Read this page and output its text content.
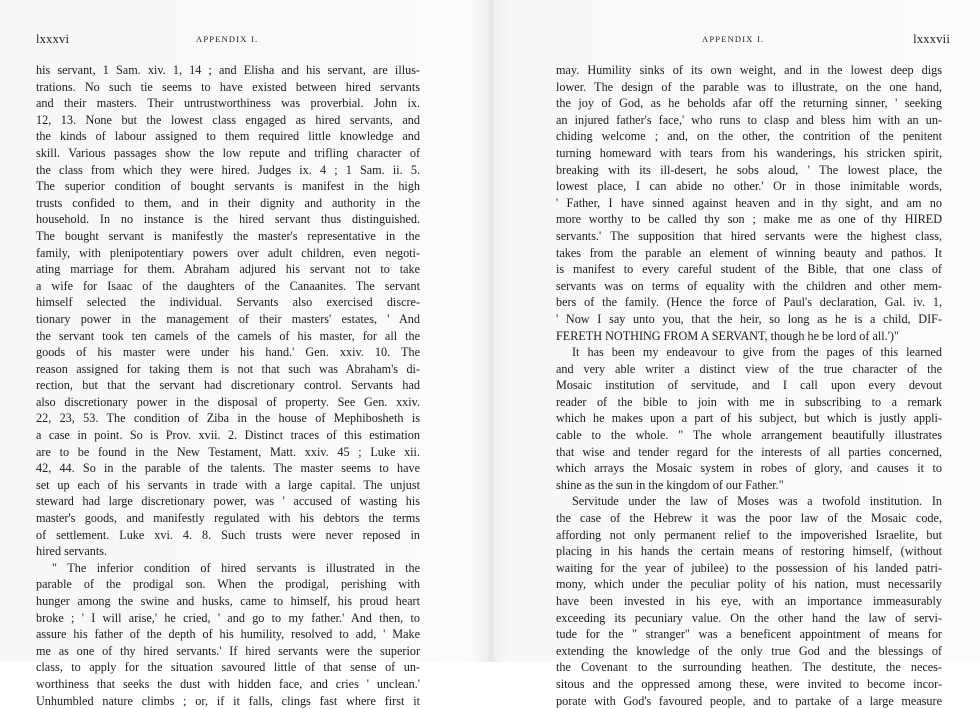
lxxxvi	APPENDIX I.
his servant, 1 Sam. xiv. 1, 14 ; and Elisha and his servant, are illus-
trations. No such tie seems to have existed between hired servants
and their masters. Their untrustworthiness was proverbial. John ix.
12, 13. None but the lowest class engaged as hired servants, and
the kinds of labour assigned to them required little knowledge and
skill. Various passages show the low repute and trifling character of
the class from which they were hired. Judges ix. 4 ; 1 Sam. ii. 5.
The superior condition of bought servants is manifest in the high
trusts confided to them, and in their dignity and authority in the
household. In no instance is the hired servant thus distinguished.
The bought servant is manifestly the master's representative in the
family, with plenipotentiary powers over adult children, even negoti-
ating marriage for them. Abraham adjured his servant not to take
a wife for Isaac of the daughters of the Canaanites. The servant
himself selected the individual. Servants also exercised discre-
tionary power in the management of their masters' estates, ' And
the servant took ten camels of the camels of his master, for all the
goods of his master were under his hand.' Gen. xxiv. 10. The
reason assigned for taking them is not that such was Abraham's di-
rection, but that the servant had discretionary control. Servants had
also discretionary power in the disposal of property. See Gen. xxiv.
22, 23, 53. The condition of Ziba in the house of Mephibosheth is
a case in point. So is Prov. xvii. 2. Distinct traces of this estimation
are to be found in the New Testament, Matt. xxiv. 45 ; Luke xii.
42, 44. So in the parable of the talents. The master seems to have
set up each of his servants in trade with a large capital. The unjust
steward had large discretionary power, was ' accused of wasting his
master's goods, and manifestly regulated with his debtors the terms
of settlement. Luke xvi. 4. 8. Such trusts were never reposed in
hired servants.
" The inferior condition of hired servants is illustrated in the
parable of the prodigal son. When the prodigal, perishing with
hunger among the swine and husks, came to himself, his proud heart
broke ; ' I will arise,' he cried, ' and go to my father.' And then, to
assure his father of the depth of his humility, resolved to add, ' Make
me as one of thy hired servants.' If hired servants were the superior
class, to apply for the situation savoured little of that sense of un-
worthiness that seeks the dust with hidden face, and cries ' unclean.'
Unhumbled nature climbs ; or, if it falls, clings fast where first it
APPENDIX I.	lxxxvii
may. Humility sinks of its own weight, and in the lowest deep digs
lower. The design of the parable was to illustrate, on the one hand,
the joy of God, as he beholds afar off the returning sinner, ' seeking
an injured father's face,' who runs to clasp and bless him with an un-
chiding welcome ; and, on the other, the contrition of the penitent
turning homeward with tears from his wanderings, his stricken spirit,
breaking with its ill-desert, he sobs aloud, ' The lowest place, the
lowest place, I can abide no other.' Or in those inimitable words,
' Father, I have sinned against heaven and in thy sight, and am no
more worthy to be called thy son ; make me as one of thy HIRED
servants.' The supposition that hired servants were the highest class,
takes from the parable an element of winning beauty and pathos. It
is manifest to every careful student of the Bible, that one class of
servants was on terms of equality with the children and other mem-
bers of the family. (Hence the force of Paul's declaration, Gal. iv. 1,
' Now I say unto you, that the heir, so long as he is a child, DIF-
FERETH NOTHING FROM A SERVANT, though he be lord of all.')"
It has been my endeavour to give from the pages of this learned
and very able writer a distinct view of the true character of the
Mosaic institution of servitude, and I call upon every devout
reader of the bible to join with me in subscribing to a remark
which he makes upon a part of his subject, but which is justly appli-
cable to the whole. " The whole arrangement beautifully illustrates
that wise and tender regard for the interests of all parties concerned,
which arrays the Mosaic system in robes of glory, and causes it to
shine as the sun in the kingdom of our Father."
Servitude under the law of Moses was a twofold institution. In
the case of the Hebrew it was the poor law of the Mosaic code,
affording not only permanent relief to the impoverished Israelite, but
placing in his hands the certain means of restoring himself, (without
waiting for the year of jubilee) to the possession of his landed patri-
mony, which under the peculiar polity of his nation, must necessarily
have been invested in his eye, with an importance immeasurably
exceeding its pecuniary value. On the other hand the law of servi-
tude for the " stranger" was a beneficent appointment of means for
extending the knowledge of the only true God and the blessings of
the Covenant to the surrounding heathen. The destitute, the neces-
sitous and the oppressed among these, were invited to become incor-
porate with God's favoured people, and to partake of a large measure
